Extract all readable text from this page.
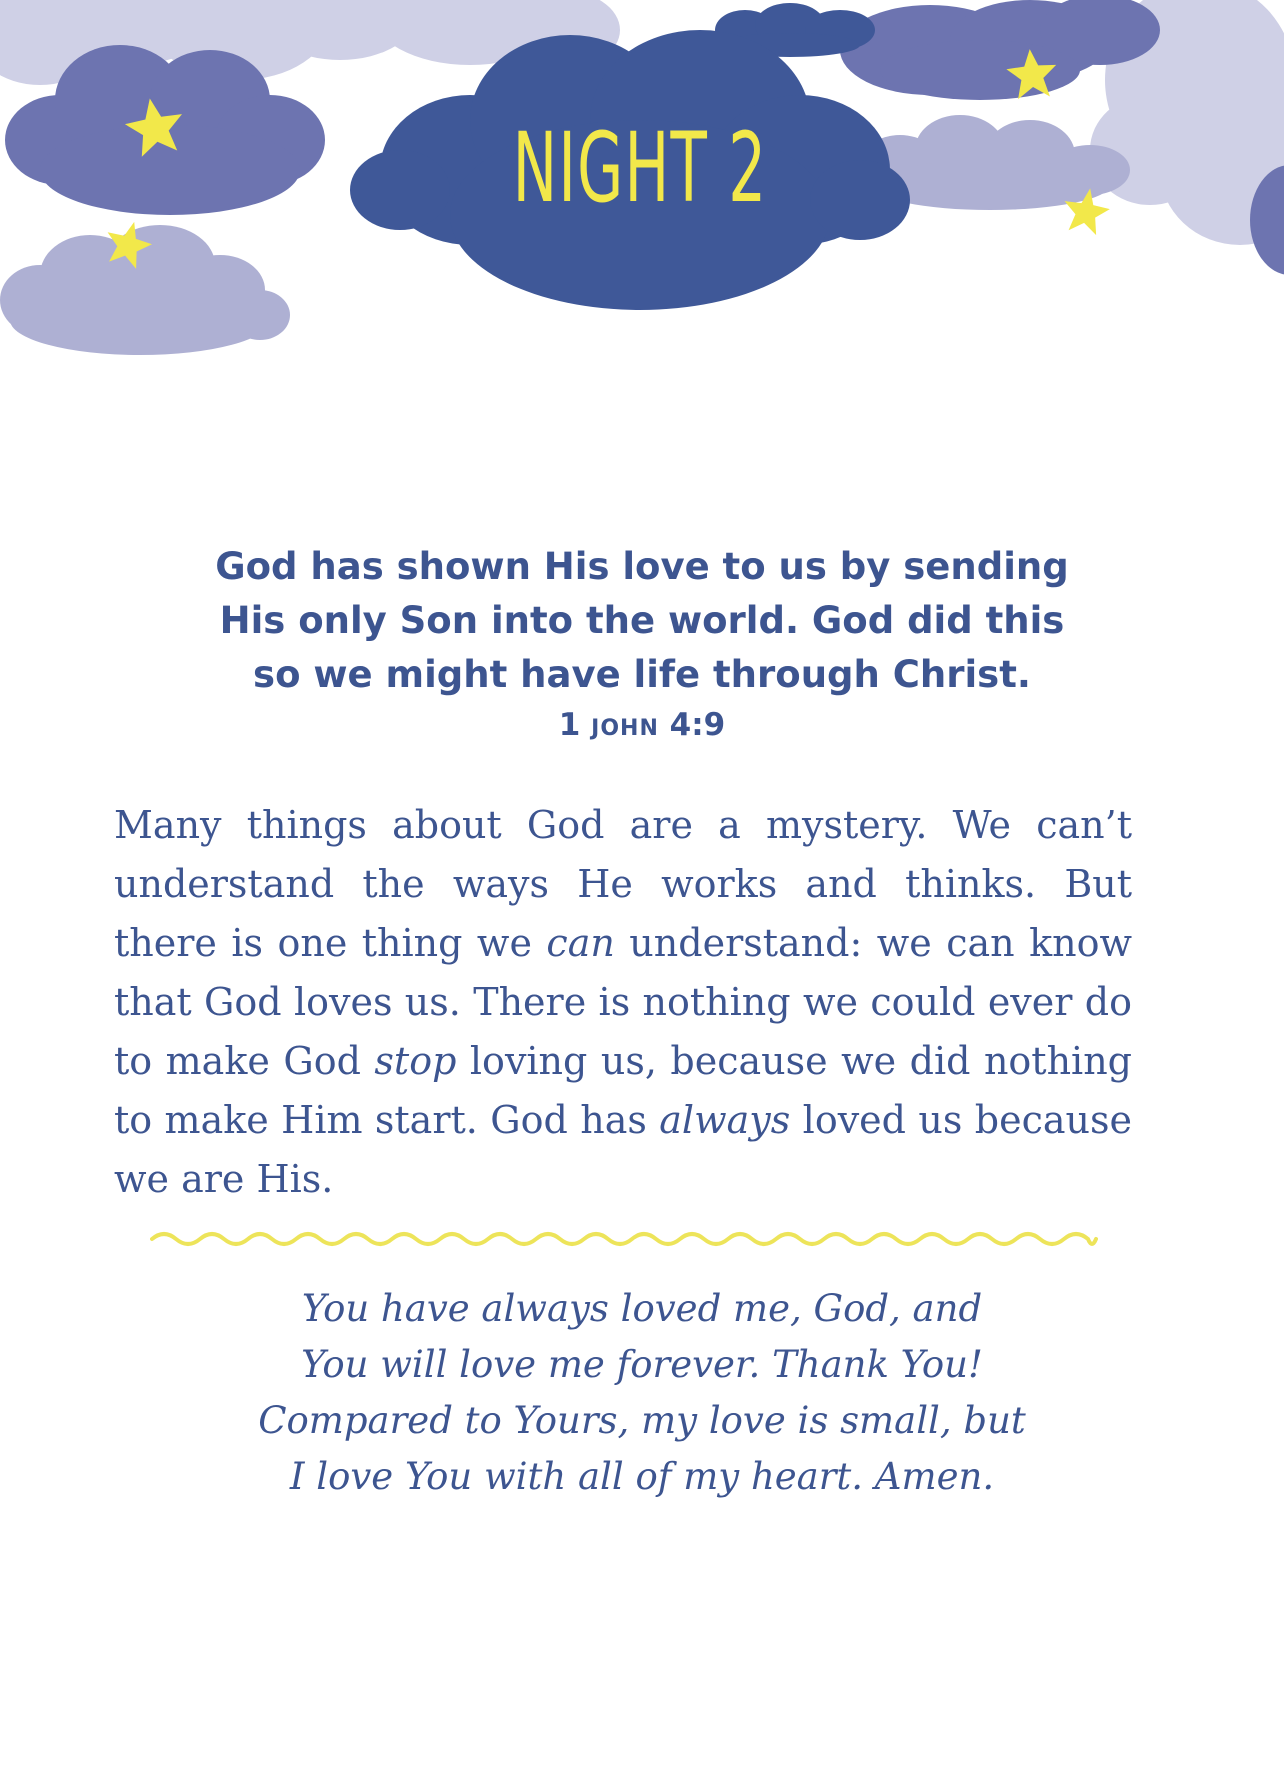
NIGHT 2

God has shown His love to us by sending
His only Son into the world. God did this
so we might have life through Christ.

1 JOHN 4:9

Many things about God are a mystery. We can’t understand the ways He works and thinks. But there is one thing we can understand: we can know that God loves us. There is nothing we could ever do to make God stop loving us, because we did nothing to make Him start. God has always loved us because we are His.

You have always loved me, God, and
You will love me forever. Thank You!
Compared to Yours, my love is small, but
I love You with all of my heart. Amen.
